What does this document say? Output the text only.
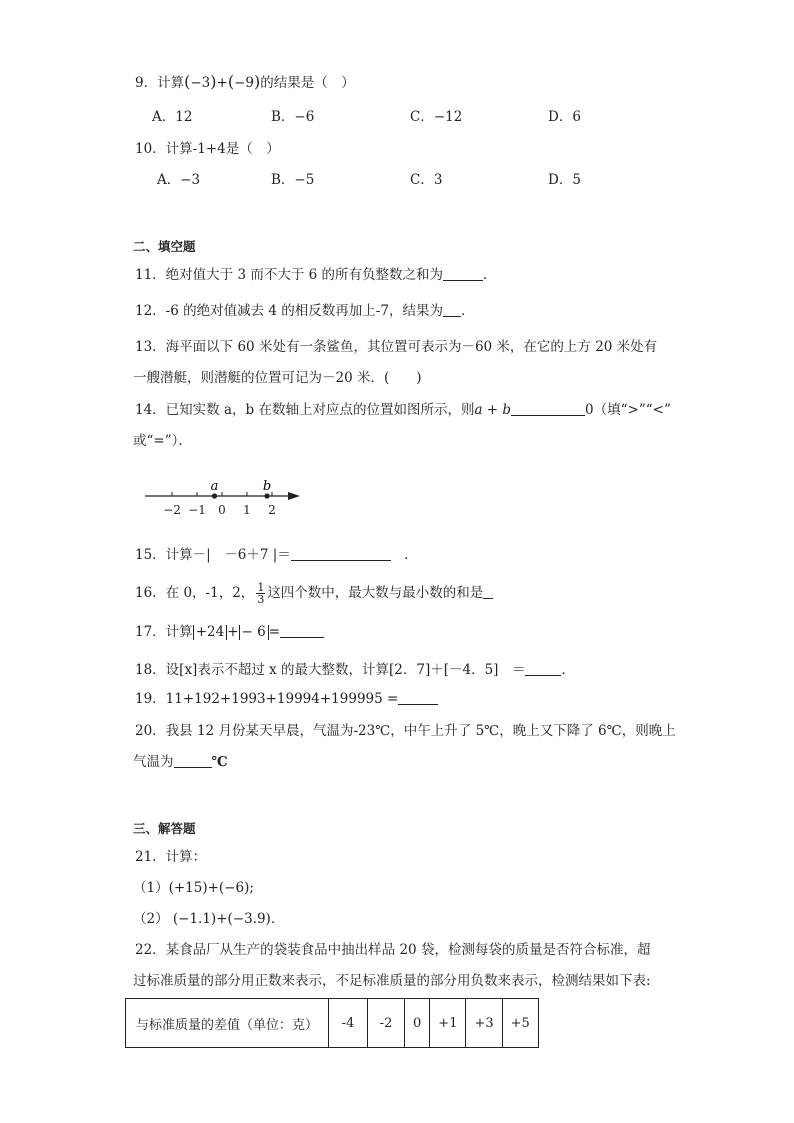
9．计算(−3)+(−9)的结果是（　）
A．12	B．−6	C．−12	D．6
10．计算-1+4是（　）
A．−3	B．−5	C．3	D．5
二、填空题
11．绝对值大于 3 而不大于 6 的所有负整数之和为	．
12．-6 的绝对值减去 4 的相反数再加上-7，结果为 ．
13．海平面以下 60 米处有一条鲨鱼，其位置可表示为－60 米，在它的上方 20 米处有
一艘潜艇，则潜艇的位置可记为－20 米．(　　)
14．已知实数 a，b 在数轴上对应点的位置如图所示，则a + b	0（填“>”“<”
或“=”）．
−2 −1 0 1 2
a	b
15．计算－|　－6＋7 |＝　	．
16．在 0，-1，2， $\frac{1}{3}$ 这四个数中，最大数与最小数的和是
17．计算 +24 + − 6 =
18．设[x]表示不超过 x 的最大整数，计算[2．7]＋[－4．5]　＝	．
19．11+192+1993+19994+199995 =
20．我县 12 月份某天早晨，气温为-23℃，中午上升了 5℃，晚上又下降了 6℃，则晚上
气温为	℃
三、解答题
21．计算：
（1）(+15)+(−6);
（2） (−1.1)+(−3.9)．
22．某食品厂从生产的袋装食品中抽出样品 20 袋，检测每袋的质量是否符合标准，超
过标准质量的部分用正数来表示，不足标准质量的部分用负数来表示，检测结果如下表:
与标准质量的差值（单位：克）	-4	-2	0	+1	+3	+5
